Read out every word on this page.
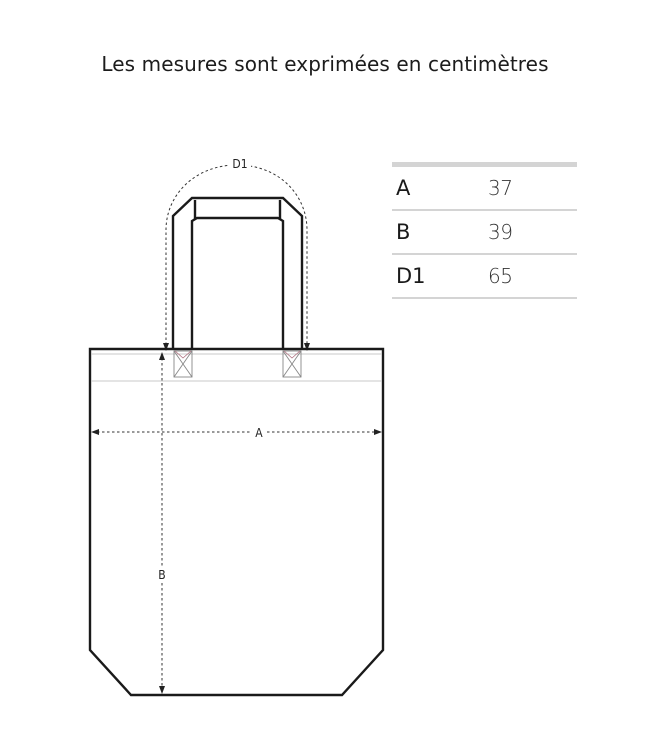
Les mesures sont exprimées en centimètres
D1
A
B
A	37
B	39
D1	65
